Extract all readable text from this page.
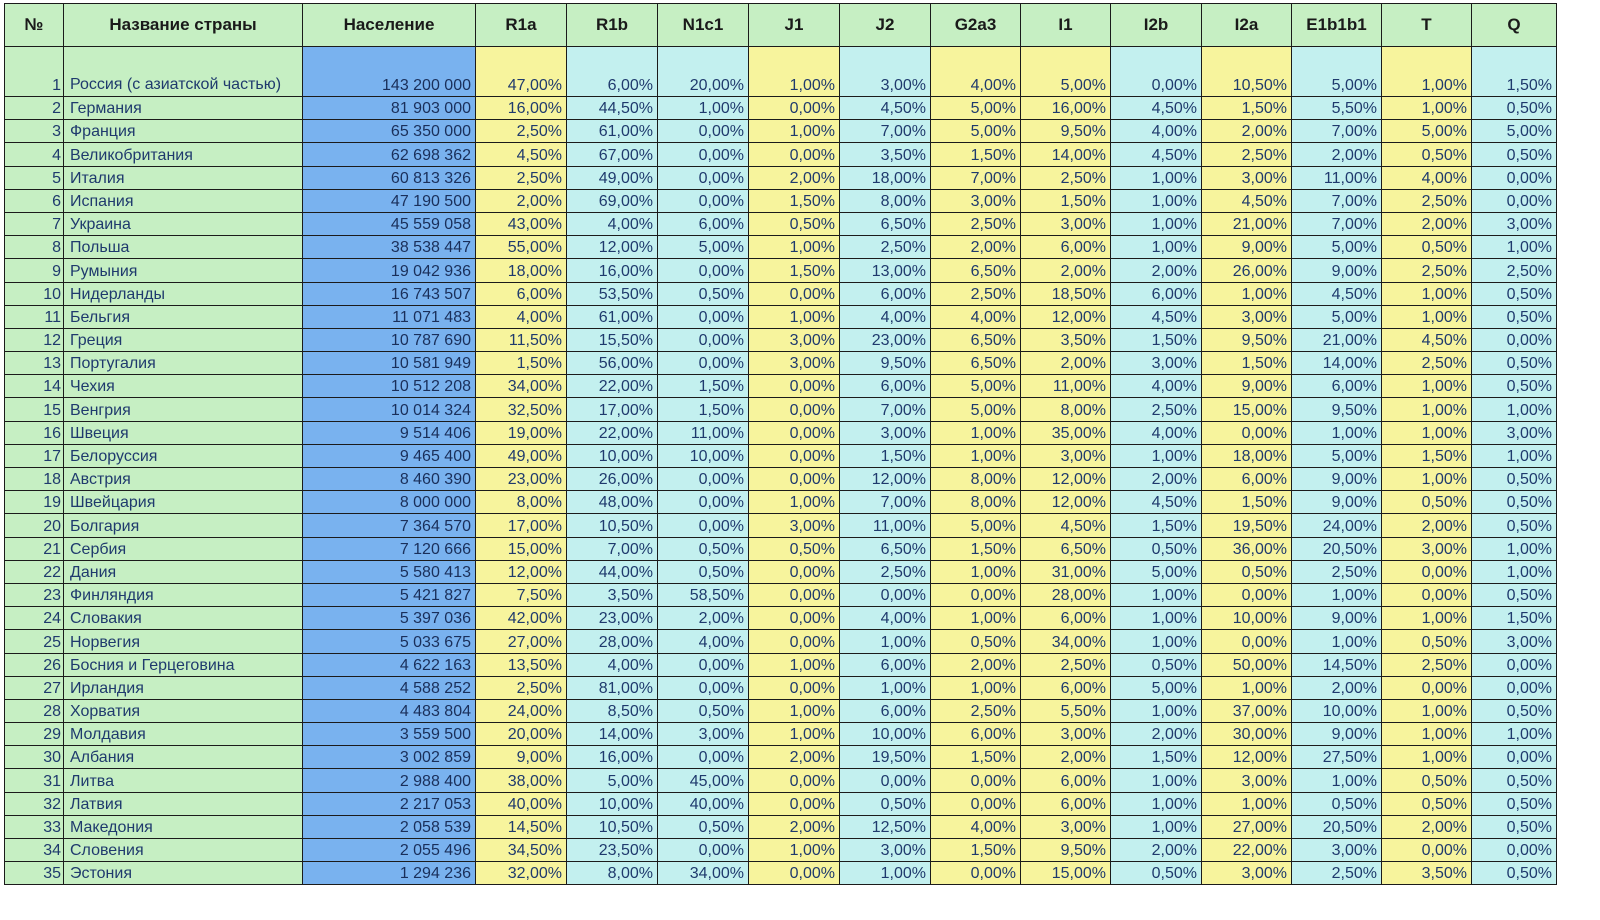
№	Название страны	Население	R1a	R1b	N1c1	J1	J2	G2a3	I1	I2b	I2a	E1b1b1	T	Q
1	Россия (с азиатской частью)	143 200 000	47,00%	6,00%	20,00%	1,00%	3,00%	4,00%	5,00%	0,00%	10,50%	5,00%	1,00%	1,50%
2	Германия	81 903 000	16,00%	44,50%	1,00%	0,00%	4,50%	5,00%	16,00%	4,50%	1,50%	5,50%	1,00%	0,50%
3	Франция	65 350 000	2,50%	61,00%	0,00%	1,00%	7,00%	5,00%	9,50%	4,00%	2,00%	7,00%	5,00%	5,00%
4	Великобритания	62 698 362	4,50%	67,00%	0,00%	0,00%	3,50%	1,50%	14,00%	4,50%	2,50%	2,00%	0,50%	0,50%
5	Италия	60 813 326	2,50%	49,00%	0,00%	2,00%	18,00%	7,00%	2,50%	1,00%	3,00%	11,00%	4,00%	0,00%
6	Испания	47 190 500	2,00%	69,00%	0,00%	1,50%	8,00%	3,00%	1,50%	1,00%	4,50%	7,00%	2,50%	0,00%
7	Украина	45 559 058	43,00%	4,00%	6,00%	0,50%	6,50%	2,50%	3,00%	1,00%	21,00%	7,00%	2,00%	3,00%
8	Польша	38 538 447	55,00%	12,00%	5,00%	1,00%	2,50%	2,00%	6,00%	1,00%	9,00%	5,00%	0,50%	1,00%
9	Румыния	19 042 936	18,00%	16,00%	0,00%	1,50%	13,00%	6,50%	2,00%	2,00%	26,00%	9,00%	2,50%	2,50%
10	Нидерланды	16 743 507	6,00%	53,50%	0,50%	0,00%	6,00%	2,50%	18,50%	6,00%	1,00%	4,50%	1,00%	0,50%
11	Бельгия	11 071 483	4,00%	61,00%	0,00%	1,00%	4,00%	4,00%	12,00%	4,50%	3,00%	5,00%	1,00%	0,50%
12	Греция	10 787 690	11,50%	15,50%	0,00%	3,00%	23,00%	6,50%	3,50%	1,50%	9,50%	21,00%	4,50%	0,00%
13	Португалия	10 581 949	1,50%	56,00%	0,00%	3,00%	9,50%	6,50%	2,00%	3,00%	1,50%	14,00%	2,50%	0,50%
14	Чехия	10 512 208	34,00%	22,00%	1,50%	0,00%	6,00%	5,00%	11,00%	4,00%	9,00%	6,00%	1,00%	0,50%
15	Венгрия	10 014 324	32,50%	17,00%	1,50%	0,00%	7,00%	5,00%	8,00%	2,50%	15,00%	9,50%	1,00%	1,00%
16	Швеция	9 514 406	19,00%	22,00%	11,00%	0,00%	3,00%	1,00%	35,00%	4,00%	0,00%	1,00%	1,00%	3,00%
17	Белоруссия	9 465 400	49,00%	10,00%	10,00%	0,00%	1,50%	1,00%	3,00%	1,00%	18,00%	5,00%	1,50%	1,00%
18	Австрия	8 460 390	23,00%	26,00%	0,00%	0,00%	12,00%	8,00%	12,00%	2,00%	6,00%	9,00%	1,00%	0,50%
19	Швейцария	8 000 000	8,00%	48,00%	0,00%	1,00%	7,00%	8,00%	12,00%	4,50%	1,50%	9,00%	0,50%	0,50%
20	Болгария	7 364 570	17,00%	10,50%	0,00%	3,00%	11,00%	5,00%	4,50%	1,50%	19,50%	24,00%	2,00%	0,50%
21	Сербия	7 120 666	15,00%	7,00%	0,50%	0,50%	6,50%	1,50%	6,50%	0,50%	36,00%	20,50%	3,00%	1,00%
22	Дания	5 580 413	12,00%	44,00%	0,50%	0,00%	2,50%	1,00%	31,00%	5,00%	0,50%	2,50%	0,00%	1,00%
23	Финляндия	5 421 827	7,50%	3,50%	58,50%	0,00%	0,00%	0,00%	28,00%	1,00%	0,00%	1,00%	0,00%	0,50%
24	Словакия	5 397 036	42,00%	23,00%	2,00%	0,00%	4,00%	1,00%	6,00%	1,00%	10,00%	9,00%	1,00%	1,50%
25	Норвегия	5 033 675	27,00%	28,00%	4,00%	0,00%	1,00%	0,50%	34,00%	1,00%	0,00%	1,00%	0,50%	3,00%
26	Босния и Герцеговина	4 622 163	13,50%	4,00%	0,00%	1,00%	6,00%	2,00%	2,50%	0,50%	50,00%	14,50%	2,50%	0,00%
27	Ирландия	4 588 252	2,50%	81,00%	0,00%	0,00%	1,00%	1,00%	6,00%	5,00%	1,00%	2,00%	0,00%	0,00%
28	Хорватия	4 483 804	24,00%	8,50%	0,50%	1,00%	6,00%	2,50%	5,50%	1,00%	37,00%	10,00%	1,00%	0,50%
29	Молдавия	3 559 500	20,00%	14,00%	3,00%	1,00%	10,00%	6,00%	3,00%	2,00%	30,00%	9,00%	1,00%	1,00%
30	Албания	3 002 859	9,00%	16,00%	0,00%	2,00%	19,50%	1,50%	2,00%	1,50%	12,00%	27,50%	1,00%	0,00%
31	Литва	2 988 400	38,00%	5,00%	45,00%	0,00%	0,00%	0,00%	6,00%	1,00%	3,00%	1,00%	0,50%	0,50%
32	Латвия	2 217 053	40,00%	10,00%	40,00%	0,00%	0,50%	0,00%	6,00%	1,00%	1,00%	0,50%	0,50%	0,50%
33	Македония	2 058 539	14,50%	10,50%	0,50%	2,00%	12,50%	4,00%	3,00%	1,00%	27,00%	20,50%	2,00%	0,50%
34	Словения	2 055 496	34,50%	23,50%	0,00%	1,00%	3,00%	1,50%	9,50%	2,00%	22,00%	3,00%	0,00%	0,00%
35	Эстония	1 294 236	32,00%	8,00%	34,00%	0,00%	1,00%	0,00%	15,00%	0,50%	3,00%	2,50%	3,50%	0,50%
